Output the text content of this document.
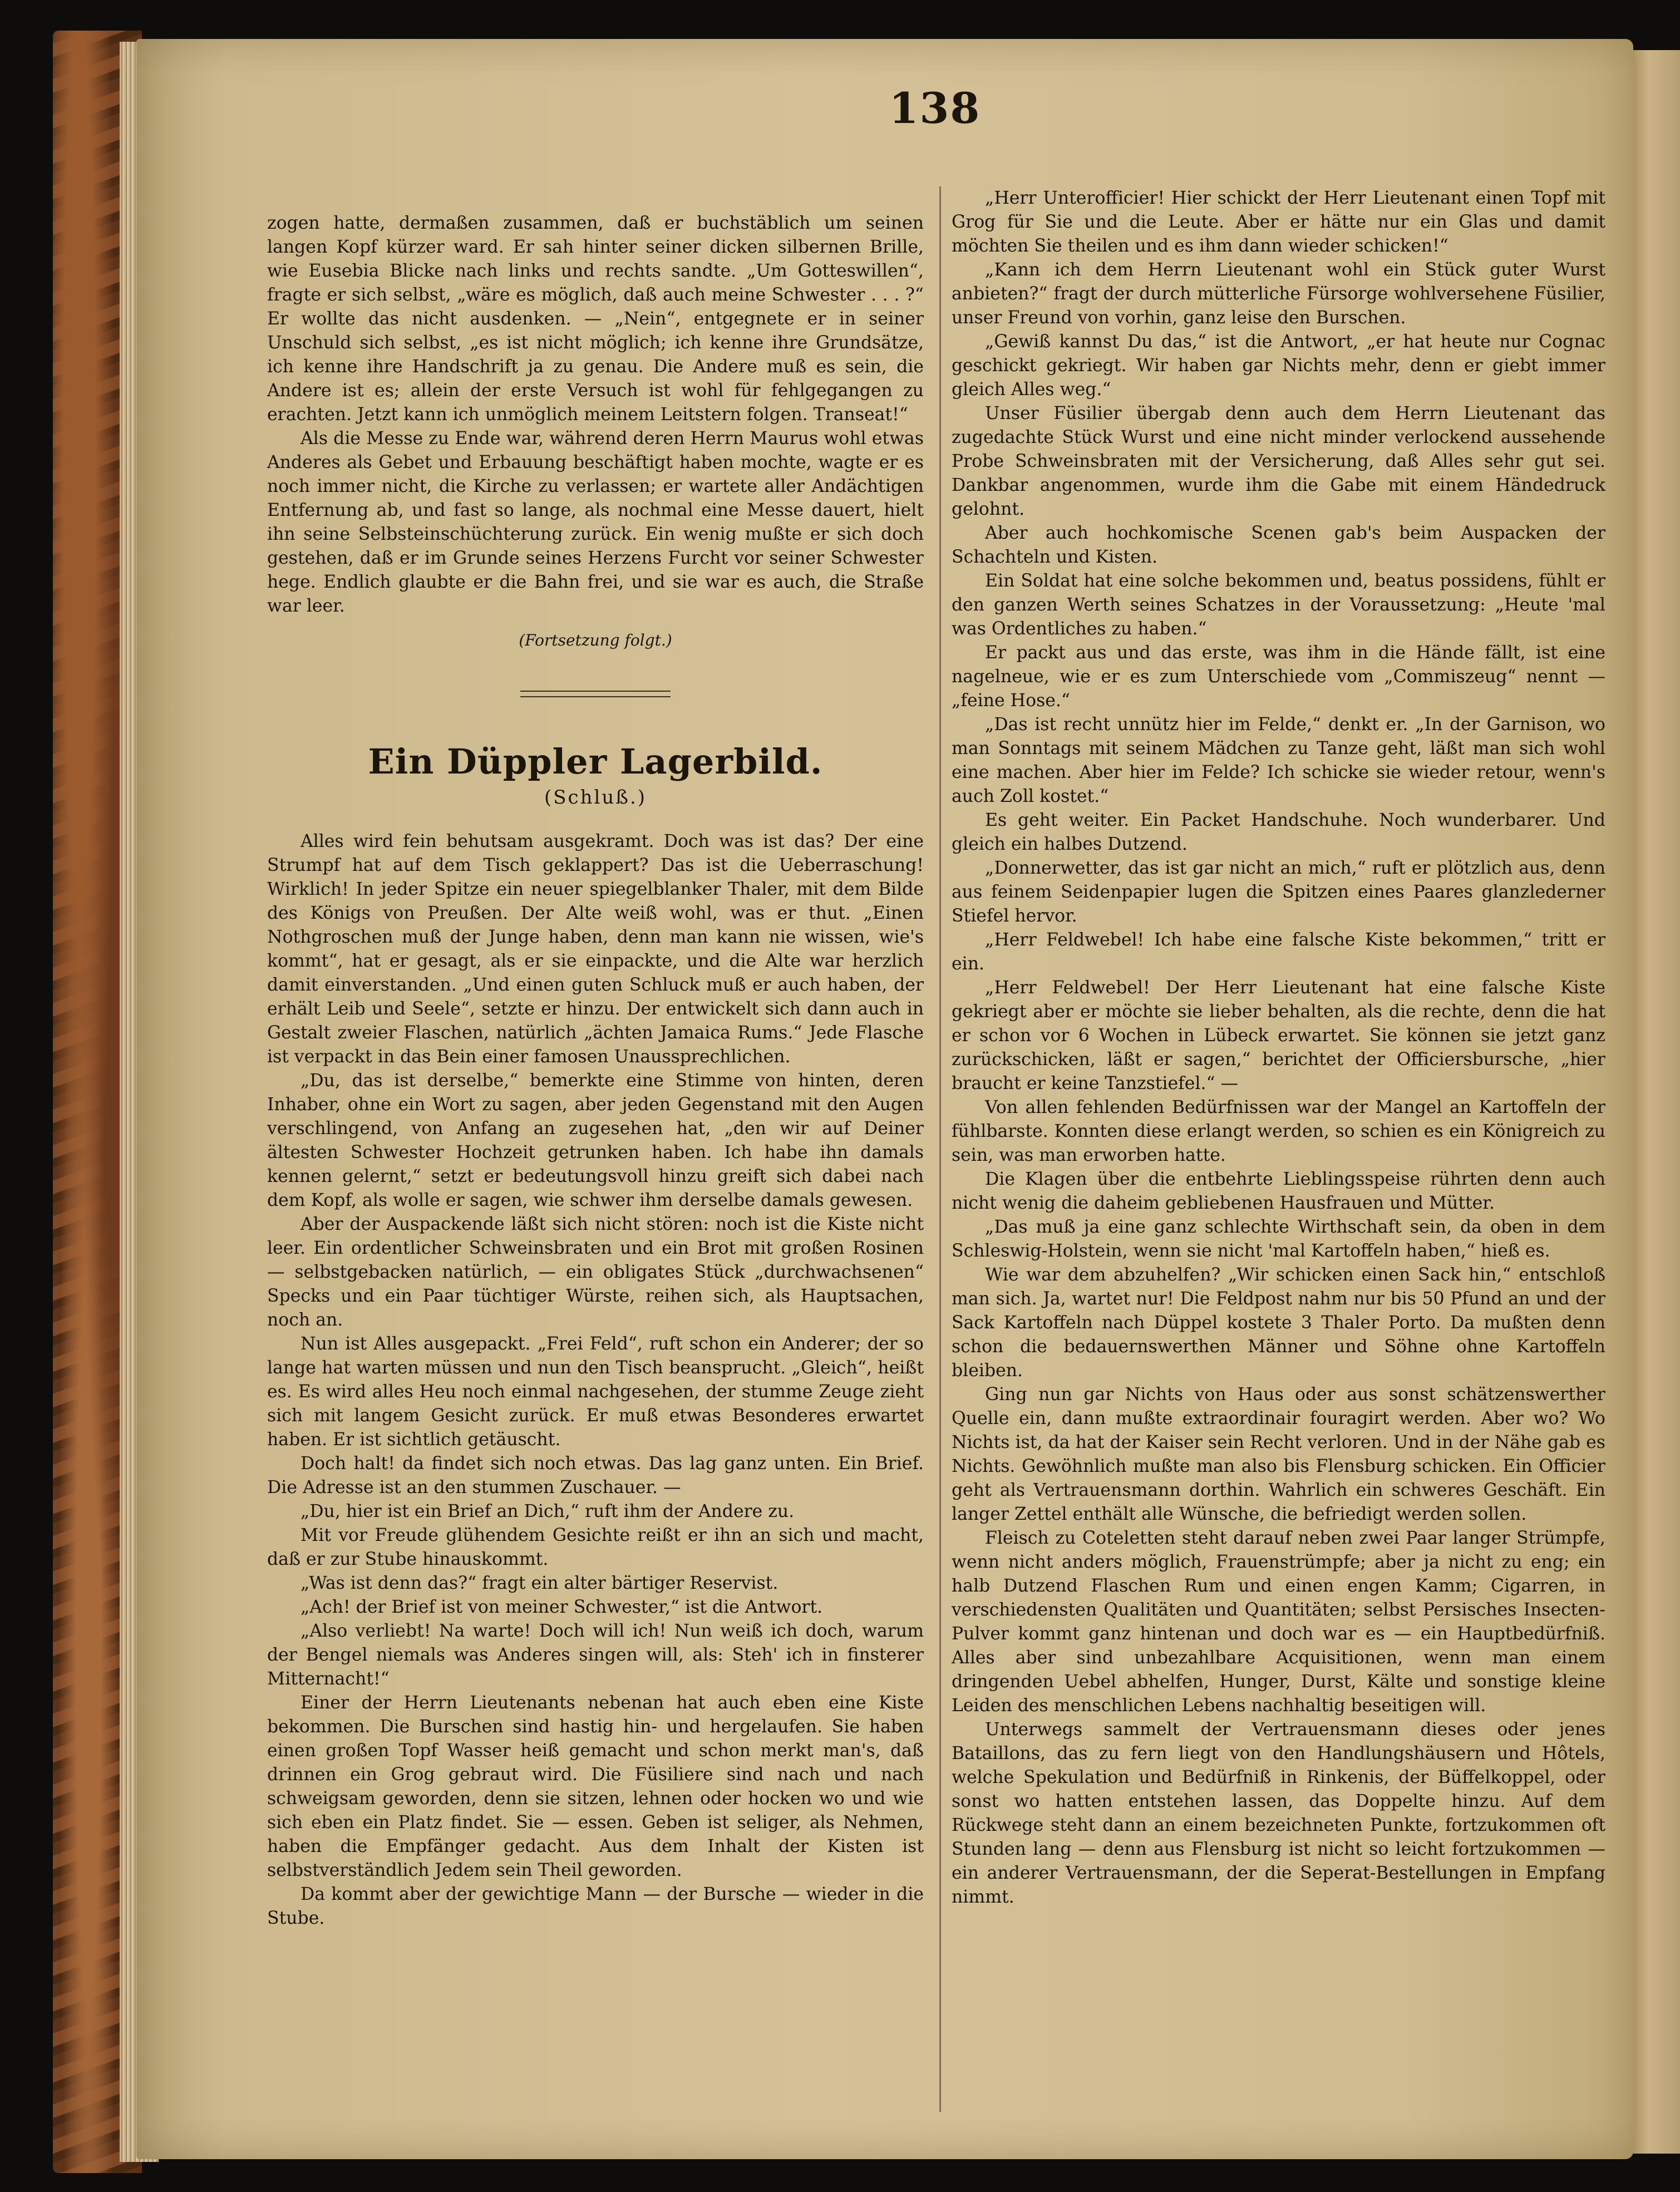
138

zogen hatte, dermaßen zusammen, daß er buchstäblich um seinen langen Kopf kürzer ward. Er sah hinter seiner dicken silbernen Brille, wie Eusebia Blicke nach links und rechts sandte. „Um Gotteswillen“, fragte er sich selbst, „wäre es möglich, daß auch meine Schwester . . . ?“ Er wollte das nicht ausdenken. — „Nein“, entgegnete er in seiner Unschuld sich selbst, „es ist nicht möglich; ich kenne ihre Grundsätze, ich kenne ihre Handschrift ja zu genau. Die Andere muß es sein, die Andere ist es; allein der erste Versuch ist wohl für fehlgegangen zu erachten. Jetzt kann ich unmöglich meinem Leitstern folgen. Transeat!“

Als die Messe zu Ende war, während deren Herrn Maurus wohl etwas Anderes als Gebet und Erbauung beschäftigt haben mochte, wagte er es noch immer nicht, die Kirche zu verlassen; er wartete aller Andächtigen Entfernung ab, und fast so lange, als nochmal eine Messe dauert, hielt ihn seine Selbsteinschüchterung zurück. Ein wenig mußte er sich doch gestehen, daß er im Grunde seines Herzens Furcht vor seiner Schwester hege. Endlich glaubte er die Bahn frei, und sie war es auch, die Straße war leer.

(Fortsetzung folgt.)

Ein Düppler Lagerbild.
(Schluß.)

Alles wird fein behutsam ausgekramt. Doch was ist das? Der eine Strumpf hat auf dem Tisch geklappert? Das ist die Ueberraschung! Wirklich! In jeder Spitze ein neuer spiegelblanker Thaler, mit dem Bilde des Königs von Preußen. Der Alte weiß wohl, was er thut. „Einen Nothgroschen muß der Junge haben, denn man kann nie wissen, wie's kommt“, hat er gesagt, als er sie einpackte, und die Alte war herzlich damit einverstanden. „Und einen guten Schluck muß er auch haben, der erhält Leib und Seele“, setzte er hinzu. Der entwickelt sich dann auch in Gestalt zweier Flaschen, natürlich „ächten Jamaica Rums.“ Jede Flasche ist verpackt in das Bein einer famosen Unaussprechlichen.

„Du, das ist derselbe,“ bemerkte eine Stimme von hinten, deren Inhaber, ohne ein Wort zu sagen, aber jeden Gegenstand mit den Augen verschlingend, von Anfang an zugesehen hat, „den wir auf Deiner ältesten Schwester Hochzeit getrunken haben. Ich habe ihn damals kennen gelernt,“ setzt er bedeutungsvoll hinzu greift sich dabei nach dem Kopf, als wolle er sagen, wie schwer ihm derselbe damals gewesen.

Aber der Auspackende läßt sich nicht stören: noch ist die Kiste nicht leer. Ein ordentlicher Schweinsbraten und ein Brot mit großen Rosinen — selbstgebacken natürlich, — ein obligates Stück „durchwachsenen“ Specks und ein Paar tüchtiger Würste, reihen sich, als Hauptsachen, noch an.

Nun ist Alles ausgepackt. „Frei Feld“, ruft schon ein Anderer; der so lange hat warten müssen und nun den Tisch beansprucht. „Gleich“, heißt es. Es wird alles Heu noch einmal nachgesehen, der stumme Zeuge zieht sich mit langem Gesicht zurück. Er muß etwas Besonderes erwartet haben. Er ist sichtlich getäuscht.

Doch halt! da findet sich noch etwas. Das lag ganz unten. Ein Brief. Die Adresse ist an den stummen Zuschauer. —

„Du, hier ist ein Brief an Dich,“ ruft ihm der Andere zu.

Mit vor Freude glühendem Gesichte reißt er ihn an sich und macht, daß er zur Stube hinauskommt.

„Was ist denn das?“ fragt ein alter bärtiger Reservist.

„Ach! der Brief ist von meiner Schwester,“ ist die Antwort.

„Also verliebt! Na warte! Doch will ich! Nun weiß ich doch, warum der Bengel niemals was Anderes singen will, als: Steh' ich in finsterer Mitternacht!“

Einer der Herrn Lieutenants nebenan hat auch eben eine Kiste bekommen. Die Burschen sind hastig hin- und hergelaufen. Sie haben einen großen Topf Wasser heiß gemacht und schon merkt man's, daß drinnen ein Grog gebraut wird. Die Füsiliere sind nach und nach schweigsam geworden, denn sie sitzen, lehnen oder hocken wo und wie sich eben ein Platz findet. Sie — essen. Geben ist seliger, als Nehmen, haben die Empfänger gedacht. Aus dem Inhalt der Kisten ist selbstverständlich Jedem sein Theil geworden.

Da kommt aber der gewichtige Mann — der Bursche — wieder in die Stube.

„Herr Unterofficier! Hier schickt der Herr Lieutenant einen Topf mit Grog für Sie und die Leute. Aber er hätte nur ein Glas und damit möchten Sie theilen und es ihm dann wieder schicken!“

„Kann ich dem Herrn Lieutenant wohl ein Stück guter Wurst anbieten?“ fragt der durch mütterliche Fürsorge wohlversehene Füsilier, unser Freund von vorhin, ganz leise den Burschen.

„Gewiß kannst Du das,“ ist die Antwort, „er hat heute nur Cognac geschickt gekriegt. Wir haben gar Nichts mehr, denn er giebt immer gleich Alles weg.“

Unser Füsilier übergab denn auch dem Herrn Lieutenant das zugedachte Stück Wurst und eine nicht minder verlockend aussehende Probe Schweinsbraten mit der Versicherung, daß Alles sehr gut sei. Dankbar angenommen, wurde ihm die Gabe mit einem Händedruck gelohnt.

Aber auch hochkomische Scenen gab's beim Auspacken der Schachteln und Kisten.

Ein Soldat hat eine solche bekommen und, beatus possidens, fühlt er den ganzen Werth seines Schatzes in der Voraussetzung: „Heute 'mal was Ordentliches zu haben.“

Er packt aus und das erste, was ihm in die Hände fällt, ist eine nagelneue, wie er es zum Unterschiede vom „Commiszeug“ nennt — „feine Hose.“

„Das ist recht unnütz hier im Felde,“ denkt er. „In der Garnison, wo man Sonntags mit seinem Mädchen zu Tanze geht, läßt man sich wohl eine machen. Aber hier im Felde? Ich schicke sie wieder retour, wenn's auch Zoll kostet.“

Es geht weiter. Ein Packet Handschuhe. Noch wunderbarer. Und gleich ein halbes Dutzend.

„Donnerwetter, das ist gar nicht an mich,“ ruft er plötzlich aus, denn aus feinem Seidenpapier lugen die Spitzen eines Paares glanzlederner Stiefel hervor.

„Herr Feldwebel! Ich habe eine falsche Kiste bekommen,“ tritt er ein.

„Herr Feldwebel! Der Herr Lieutenant hat eine falsche Kiste gekriegt aber er möchte sie lieber behalten, als die rechte, denn die hat er schon vor 6 Wochen in Lübeck erwartet. Sie können sie jetzt ganz zurückschicken, läßt er sagen,“ berichtet der Officiersbursche, „hier braucht er keine Tanzstiefel.“ —

Von allen fehlenden Bedürfnissen war der Mangel an Kartoffeln der fühlbarste. Konnten diese erlangt werden, so schien es ein Königreich zu sein, was man erworben hatte.

Die Klagen über die entbehrte Lieblingsspeise rührten denn auch nicht wenig die daheim gebliebenen Hausfrauen und Mütter.

„Das muß ja eine ganz schlechte Wirthschaft sein, da oben in dem Schleswig-Holstein, wenn sie nicht 'mal Kartoffeln haben,“ hieß es.

Wie war dem abzuhelfen? „Wir schicken einen Sack hin,“ entschloß man sich. Ja, wartet nur! Die Feldpost nahm nur bis 50 Pfund an und der Sack Kartoffeln nach Düppel kostete 3 Thaler Porto. Da mußten denn schon die bedauernswerthen Männer und Söhne ohne Kartoffeln bleiben.

Ging nun gar Nichts von Haus oder aus sonst schätzenswerther Quelle ein, dann mußte extraordinair fouragirt werden. Aber wo? Wo Nichts ist, da hat der Kaiser sein Recht verloren. Und in der Nähe gab es Nichts. Gewöhnlich mußte man also bis Flensburg schicken. Ein Officier geht als Vertrauensmann dorthin. Wahrlich ein schweres Geschäft. Ein langer Zettel enthält alle Wünsche, die befriedigt werden sollen.

Fleisch zu Coteletten steht darauf neben zwei Paar langer Strümpfe, wenn nicht anders möglich, Frauenstrümpfe; aber ja nicht zu eng; ein halb Dutzend Flaschen Rum und einen engen Kamm; Cigarren, in verschiedensten Qualitäten und Quantitäten; selbst Persisches Insecten-Pulver kommt ganz hintenan und doch war es — ein Hauptbedürfniß. Alles aber sind unbezahlbare Acquisitionen, wenn man einem dringenden Uebel abhelfen, Hunger, Durst, Kälte und sonstige kleine Leiden des menschlichen Lebens nachhaltig beseitigen will.

Unterwegs sammelt der Vertrauensmann dieses oder jenes Bataillons, das zu fern liegt von den Handlungshäusern und Hôtels, welche Spekulation und Bedürfniß in Rinkenis, der Büffelkoppel, oder sonst wo hatten entstehen lassen, das Doppelte hinzu. Auf dem Rückwege steht dann an einem bezeichneten Punkte, fortzukommen oft Stunden lang — denn aus Flensburg ist nicht so leicht fortzukommen — ein anderer Vertrauensmann, der die Seperat-Bestellungen in Empfang nimmt.
